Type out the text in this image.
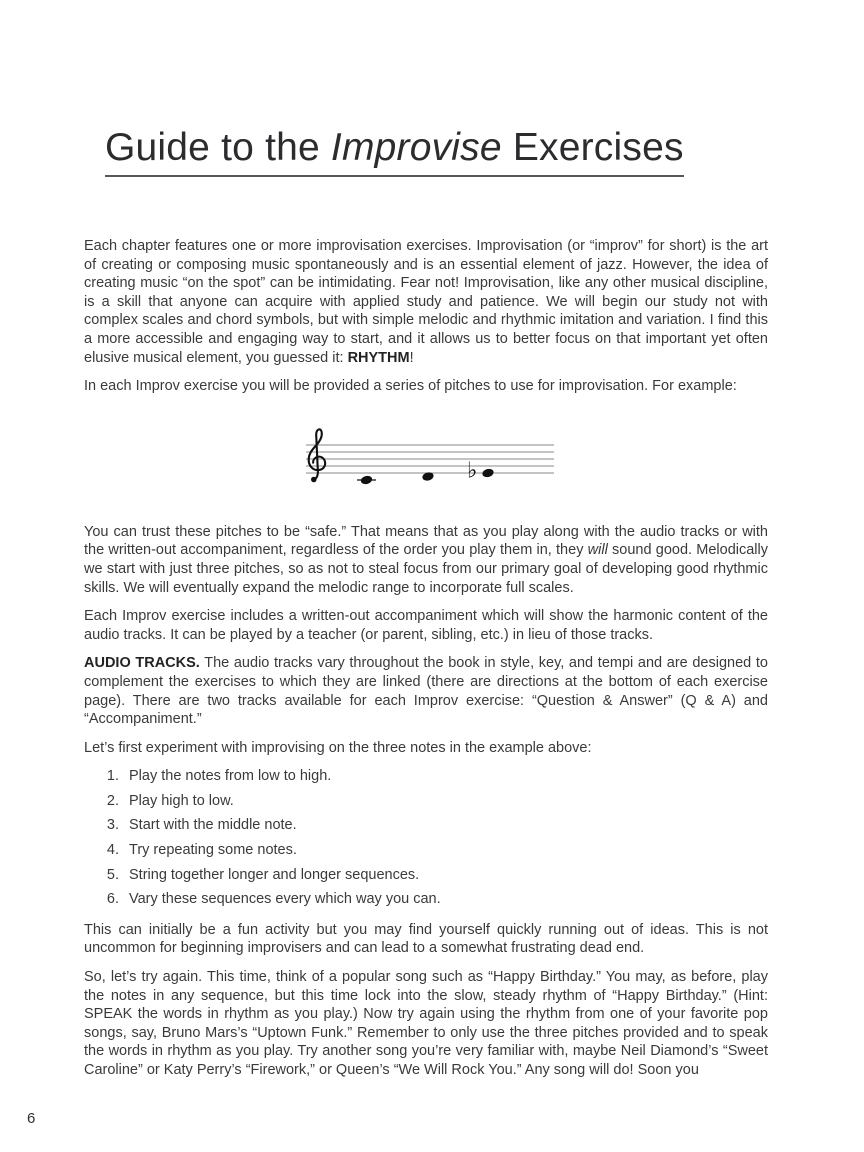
Guide to the Improvise Exercises

Each chapter features one or more improvisation exercises. Improvisation (or “improv” for short) is the art of creating or composing music spontaneously and is an essential element of jazz. However, the idea of creating music “on the spot” can be intimidating. Fear not! Improvisation, like any other musical discipline, is a skill that anyone can acquire with applied study and patience. We will begin our study not with complex scales and chord symbols, but with simple melodic and rhythmic imitation and variation. I find this a more accessible and engaging way to start, and it allows us to better focus on that important yet often elusive musical element, you guessed it: RHYTHM!

In each Improv exercise you will be provided a series of pitches to use for improvisation. For example:

♭

You can trust these pitches to be “safe.” That means that as you play along with the audio tracks or with the written-out accompaniment, regardless of the order you play them in, they will sound good. Melodically we start with just three pitches, so as not to steal focus from our primary goal of developing good rhythmic skills. We will eventually expand the melodic range to incorporate full scales.

Each Improv exercise includes a written-out accompaniment which will show the harmonic content of the audio tracks. It can be played by a teacher (or parent, sibling, etc.) in lieu of those tracks.

AUDIO TRACKS. The audio tracks vary throughout the book in style, key, and tempi and are designed to complement the exercises to which they are linked (there are directions at the bottom of each exercise page). There are two tracks available for each Improv exercise: “Question & Answer” (Q & A) and “Accompaniment.”

Let’s first experiment with improvising on the three notes in the example above:

1. Play the notes from low to high.
2. Play high to low.
3. Start with the middle note.
4. Try repeating some notes.
5. String together longer and longer sequences.
6. Vary these sequences every which way you can.

This can initially be a fun activity but you may find yourself quickly running out of ideas. This is not uncommon for beginning improvisers and can lead to a somewhat frustrating dead end.

So, let’s try again. This time, think of a popular song such as “Happy Birthday.” You may, as before, play the notes in any sequence, but this time lock into the slow, steady rhythm of “Happy Birthday.” (Hint: SPEAK the words in rhythm as you play.) Now try again using the rhythm from one of your favorite pop songs, say, Bruno Mars’s “Uptown Funk.” Remember to only use the three pitches provided and to speak the words in rhythm as you play. Try another song you’re very familiar with, maybe Neil Diamond’s “Sweet Caroline” or Katy Perry’s “Firework,” or Queen’s “We Will Rock You.” Any song will do! Soon you

6
